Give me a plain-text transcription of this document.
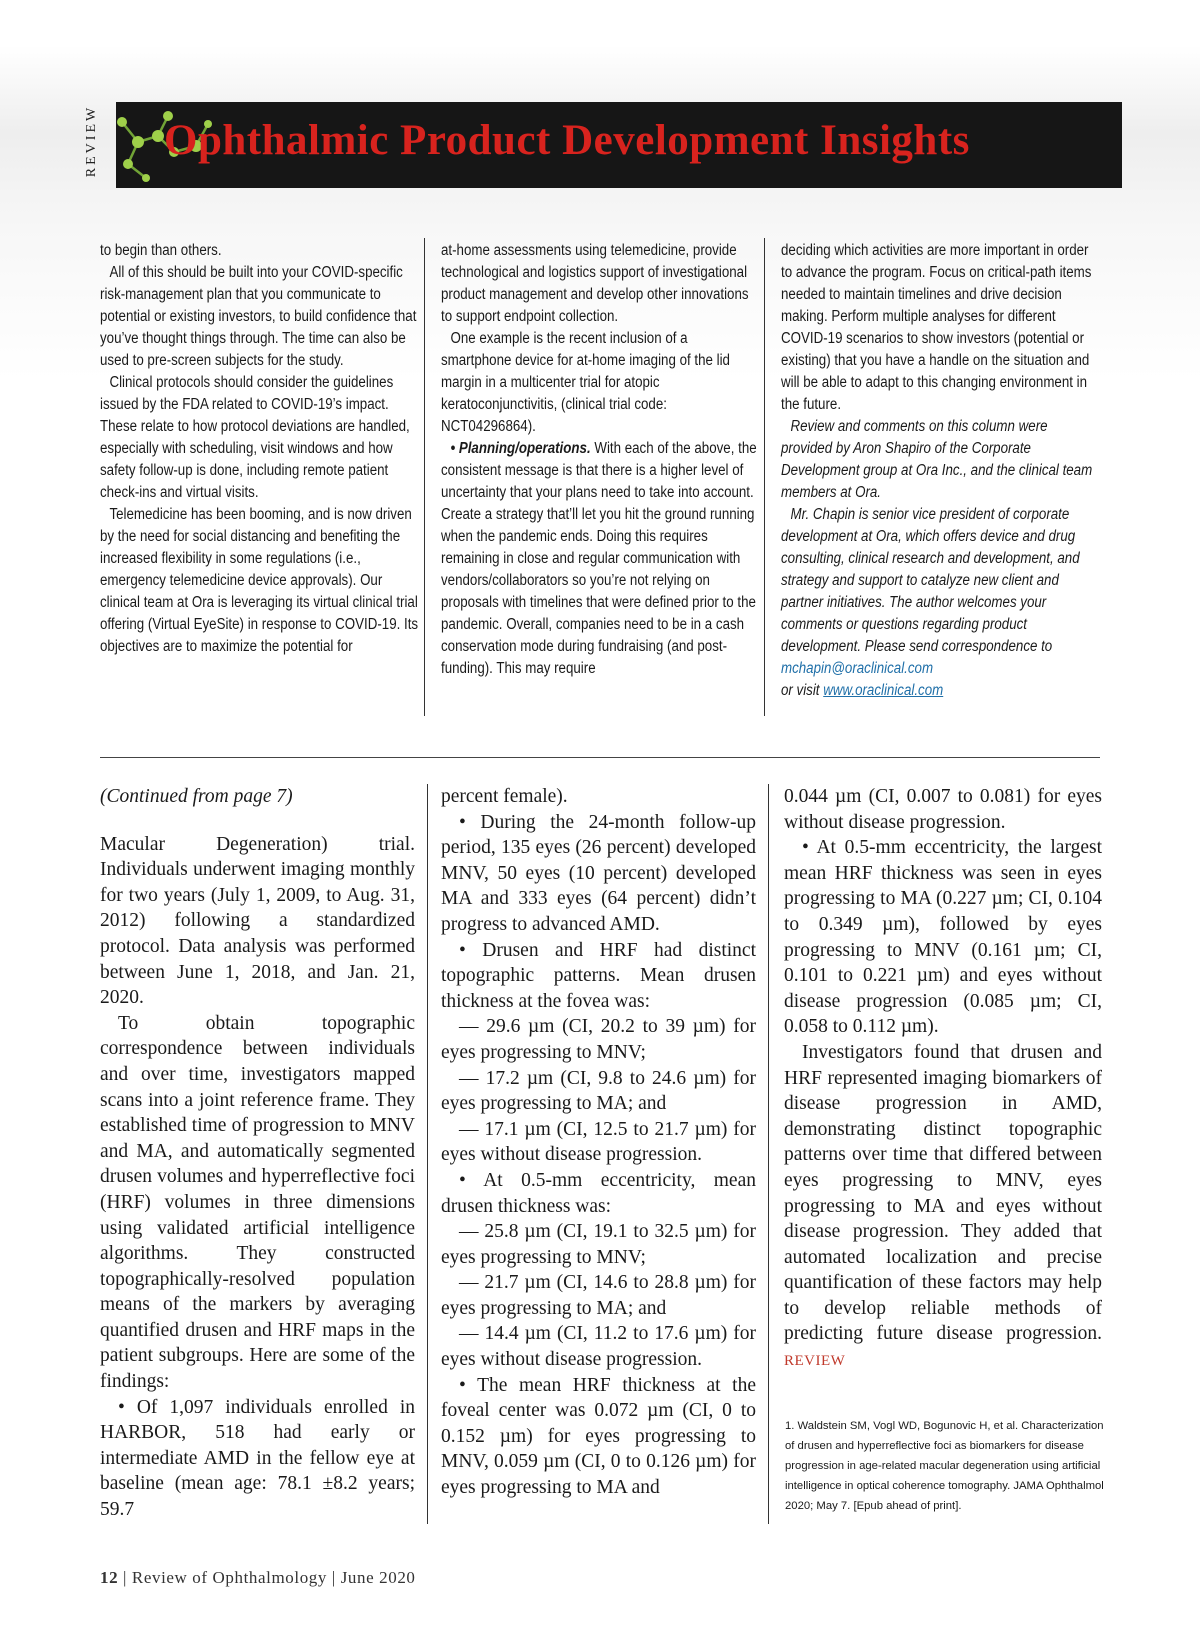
REVIEW Ophthalmic Product Development Insights

to begin than others.

All of this should be built into your COVID-specific risk-management plan that you communicate to potential or existing investors, to build confidence that you’ve thought things through. The time can also be used to pre-screen subjects for the study.

Clinical protocols should consider the guidelines issued by the FDA related to COVID-19’s impact. These relate to how protocol deviations are handled, especially with scheduling, visit windows and how safety follow-up is done, including remote patient check-ins and virtual visits.

Telemedicine has been booming, and is now driven by the need for social distancing and benefiting the increased flexibility in some regulations (i.e., emergency telemedicine device approvals). Our clinical team at Ora is leveraging its virtual clinical trial offering (Virtual EyeSite) in response to COVID-19. Its objectives are to maximize the potential for

at-home assessments using telemedicine, provide technological and logistics support of investigational product management and develop other innovations to support endpoint collection.

One example is the recent inclusion of a smartphone device for at-home imaging of the lid margin in a multicenter trial for atopic keratoconjunctivitis, (clinical trial code: NCT04296864).

• Planning/operations. With each of the above, the consistent message is that there is a higher level of uncertainty that your plans need to take into account. Create a strategy that’ll let you hit the ground running when the pandemic ends. Doing this requires remaining in close and regular communication with vendors/collaborators so you’re not relying on proposals with timelines that were defined prior to the pandemic. Overall, companies need to be in a cash conservation mode during fundraising (and post-funding). This may require

deciding which activities are more important in order to advance the program. Focus on critical-path items needed to maintain timelines and drive decision making. Perform multiple analyses for different COVID-19 scenarios to show investors (potential or existing) that you have a handle on the situation and will be able to adapt to this changing environment in the future.

Review and comments on this column were provided by Aron Shapiro of the Corporate Development group at Ora Inc., and the clinical team members at Ora.

Mr. Chapin is senior vice president of corporate development at Ora, which offers device and drug consulting, clinical research and development, and strategy and support to catalyze new client and partner initiatives. The author welcomes your comments or questions regarding product development. Please send correspondence to mchapin@oraclinical.com
or visit www.oraclinical.com

(Continued from page 7)

Macular Degeneration) trial. Individuals underwent imaging monthly for two years (July 1, 2009, to Aug. 31, 2012) following a standardized protocol. Data analysis was performed between June 1, 2018, and Jan. 21, 2020.

To obtain topographic correspondence between individuals and over time, investigators mapped scans into a joint reference frame. They established time of progression to MNV and MA, and automatically segmented drusen volumes and hyperreflective foci (HRF) volumes in three dimensions using validated artificial intelligence algorithms. They constructed topographically-resolved population means of the markers by averaging quantified drusen and HRF maps in the patient subgroups. Here are some of the findings:

• Of 1,097 individuals enrolled in HARBOR, 518 had early or intermediate AMD in the fellow eye at baseline (mean age: 78.1 ±8.2 years; 59.7

percent female).

• During the 24-month follow-up period, 135 eyes (26 percent) developed MNV, 50 eyes (10 percent) developed MA and 333 eyes (64 percent) didn’t progress to advanced AMD.

• Drusen and HRF had distinct topographic patterns. Mean drusen thickness at the fovea was:

— 29.6 µm (CI, 20.2 to 39 µm) for eyes progressing to MNV;

— 17.2 µm (CI, 9.8 to 24.6 µm) for eyes progressing to MA; and

— 17.1 µm (CI, 12.5 to 21.7 µm) for eyes without disease progression.

• At 0.5-mm eccentricity, mean drusen thickness was:

— 25.8 µm (CI, 19.1 to 32.5 µm) for eyes progressing to MNV;

— 21.7 µm (CI, 14.6 to 28.8 µm) for eyes progressing to MA; and

— 14.4 µm (CI, 11.2 to 17.6 µm) for eyes without disease progression.

• The mean HRF thickness at the foveal center was 0.072 µm (CI, 0 to 0.152 µm) for eyes progressing to MNV, 0.059 µm (CI, 0 to 0.126 µm) for eyes progressing to MA and

0.044 µm (CI, 0.007 to 0.081) for eyes without disease progression.

• At 0.5-mm eccentricity, the largest mean HRF thickness was seen in eyes progressing to MA (0.227 µm; CI, 0.104 to 0.349 µm), followed by eyes progressing to MNV (0.161 µm; CI, 0.101 to 0.221 µm) and eyes without disease progression (0.085 µm; CI, 0.058 to 0.112 µm).

Investigators found that drusen and HRF represented imaging biomarkers of disease progression in AMD, demonstrating distinct topographic patterns over time that differed between eyes progressing to MNV, eyes progressing to MA and eyes without disease progression. They added that automated localization and precise quantification of these factors may help to develop reliable methods of predicting future disease progression. REVIEW

1. Waldstein SM, Vogl WD, Bogunovic H, et al. Characterization of drusen and hyperreflective foci as biomarkers for disease progression in age-related macular degeneration using artificial intelligence in optical coherence tomography. JAMA Ophthalmol 2020; May 7. [Epub ahead of print].
12 | Review of Ophthalmology | June 2020
